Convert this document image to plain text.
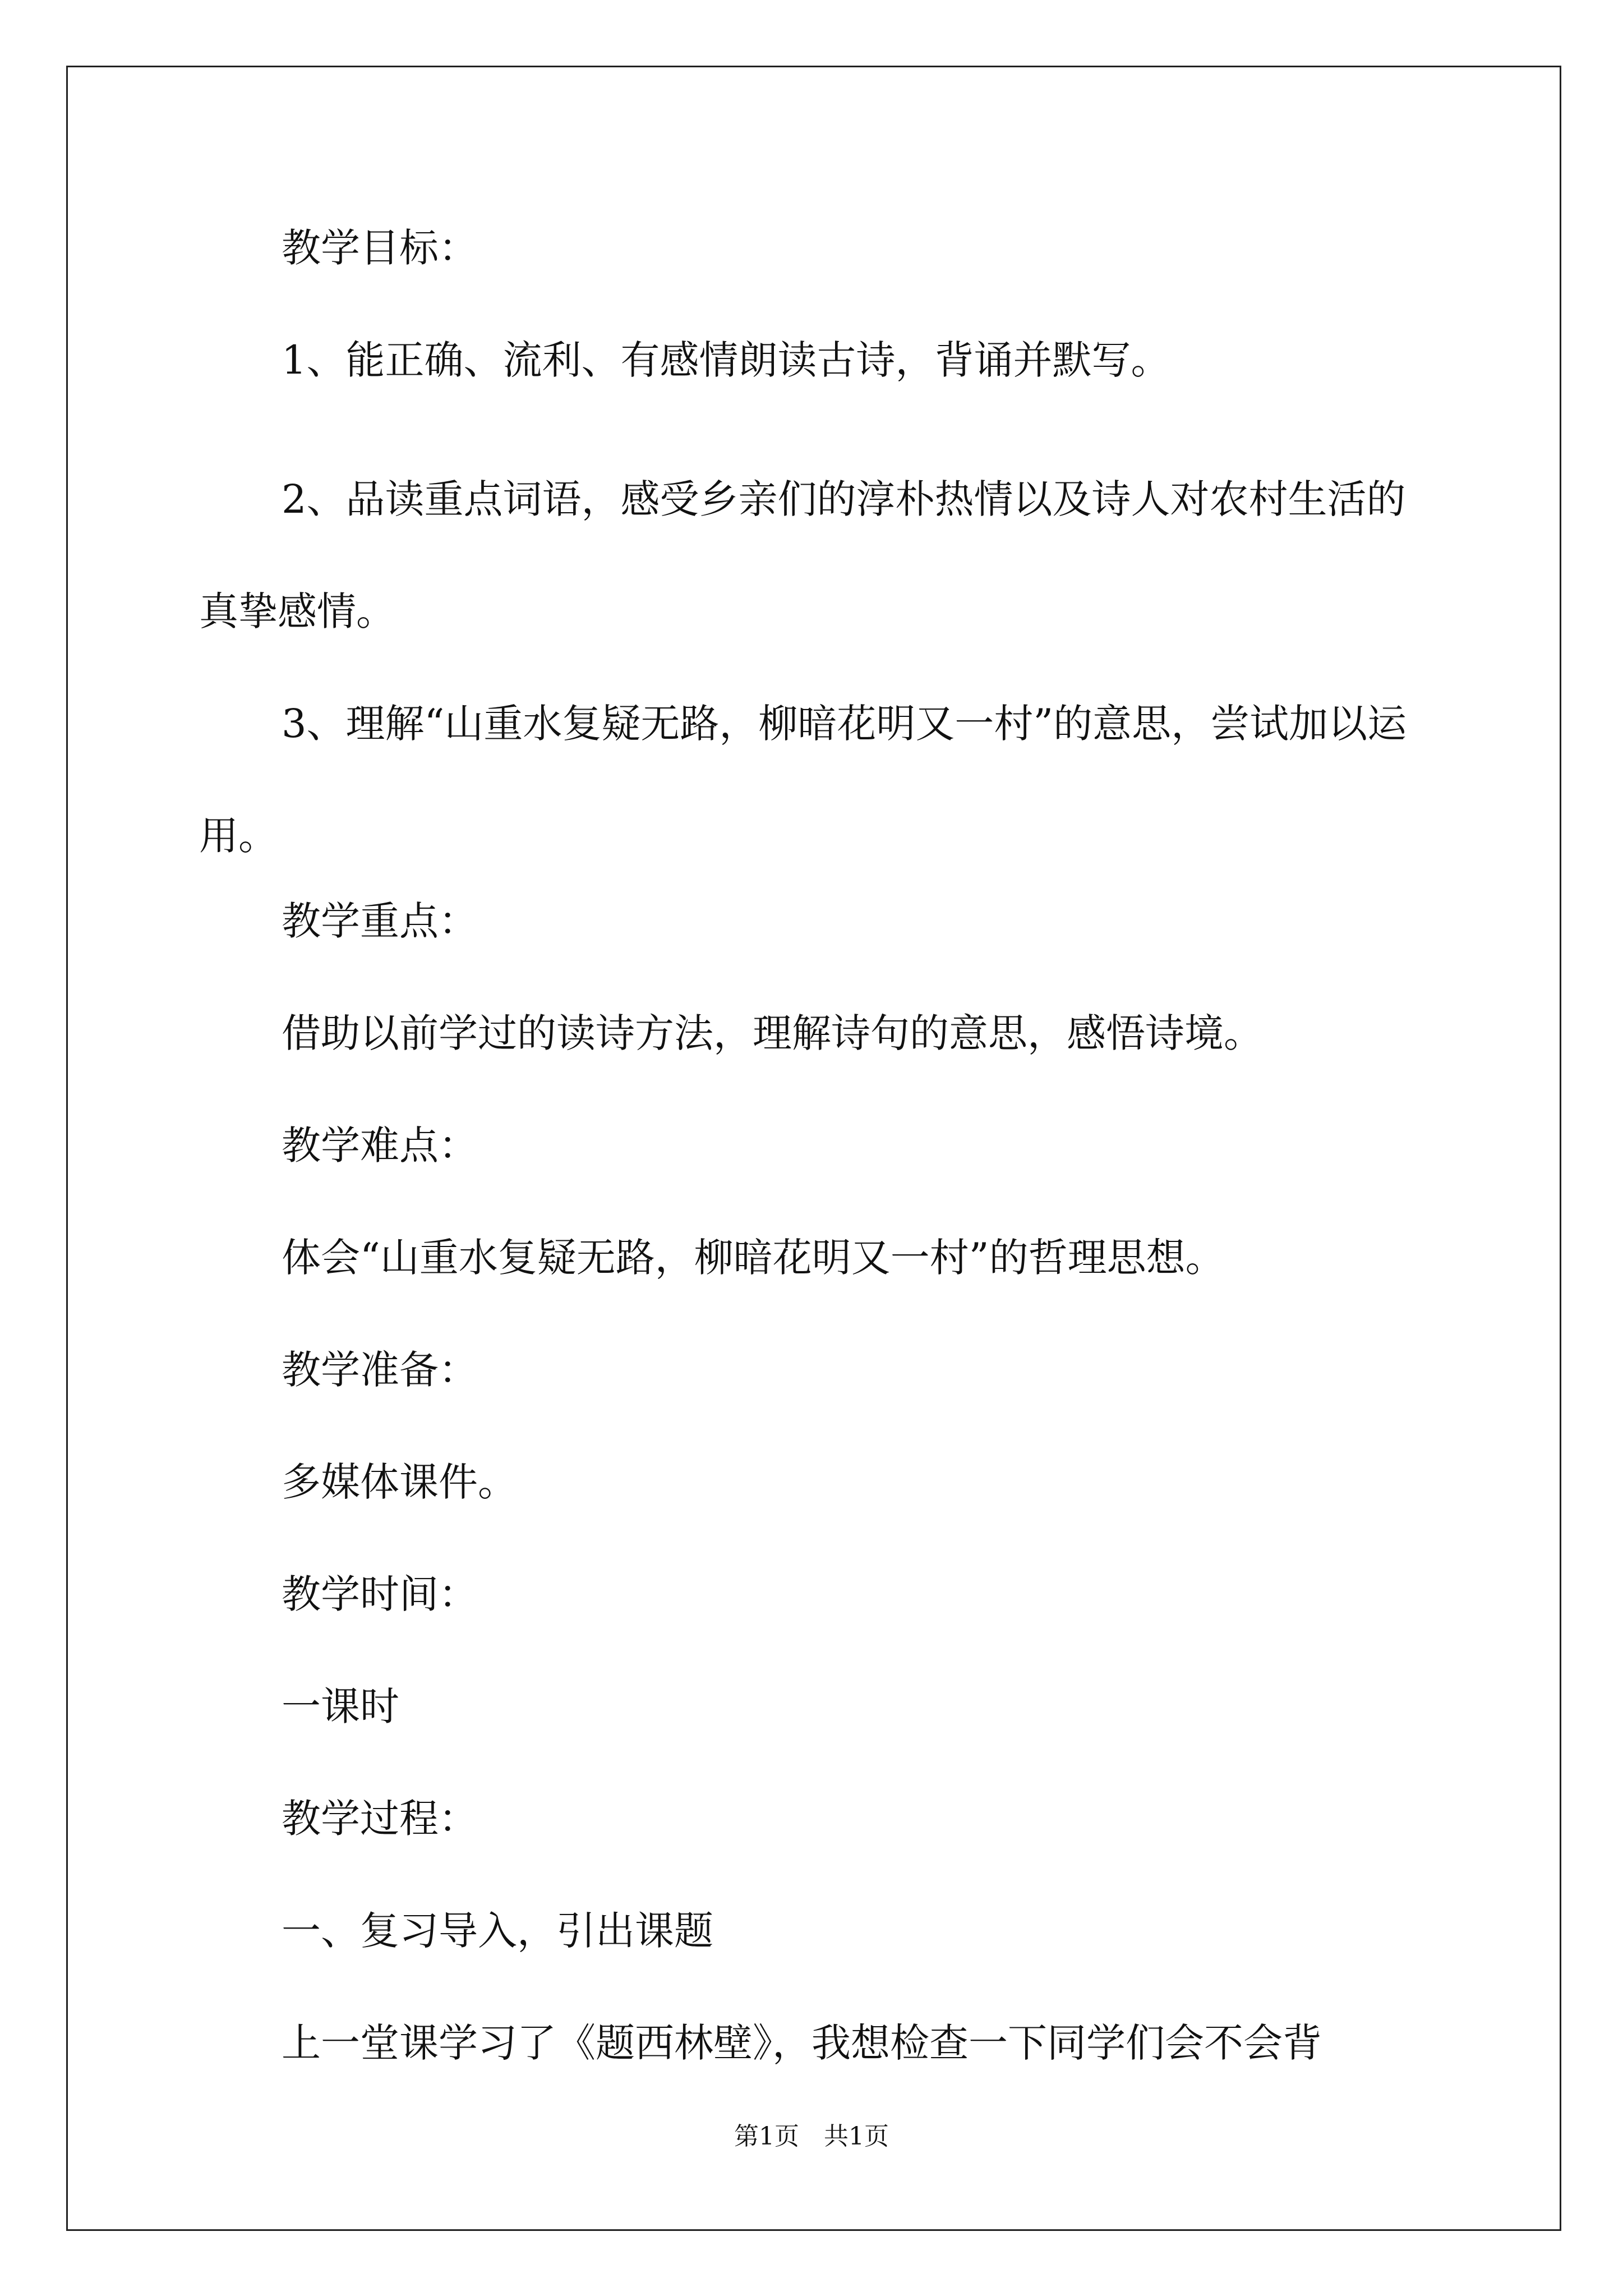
教学目标：

1、能正确、流利、有感情朗读古诗，背诵并默写。

2、品读重点词语，感受乡亲们的淳朴热情以及诗人对农村生活的真挚感情。

3、理解“山重水复疑无路，柳暗花明又一村”的意思，尝试加以运用。

教学重点：

借助以前学过的读诗方法，理解诗句的意思，感悟诗境。

教学难点：

体会“山重水复疑无路，柳暗花明又一村”的哲理思想。

教学准备：

多媒体课件。

教学时间：

一课时

教学过程：

一、复习导入，引出课题

上一堂课学习了《题西林壁》，我想检查一下同学们会不会背

第1页　共1页
